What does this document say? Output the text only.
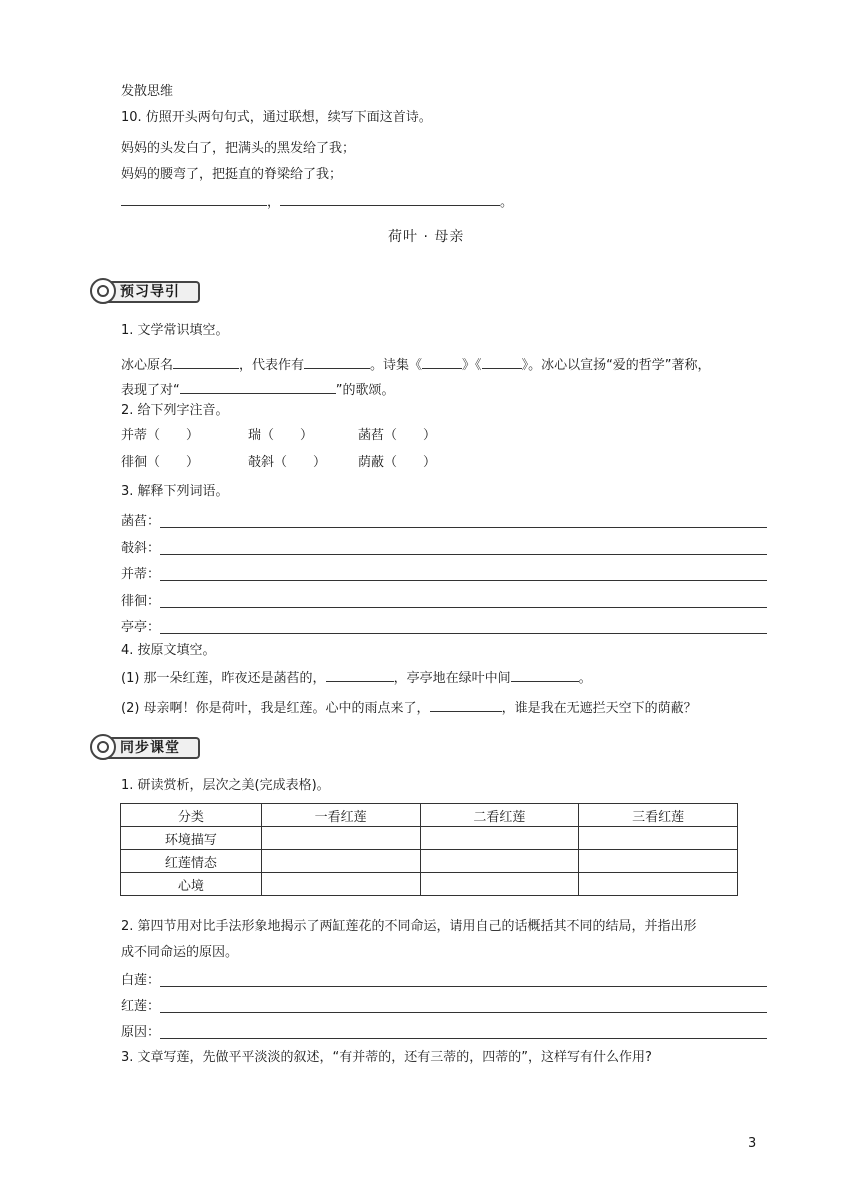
发散思维
10. 仿照开头两句句式，通过联想，续写下面这首诗。
妈妈的头发白了，把满头的黑发给了我；
妈妈的腰弯了，把挺直的脊梁给了我；
，	。
荷叶 · 母亲
预习导引
1. 文学常识填空。
冰心原名	，代表作有	。诗集《	》《	》。冰心以宣扬“爱的哲学”著称，
表现了对“	”的歌颂。
2. 给下列字注音。
并蒂（　　）	瑞（　　）	菡萏（　　）
徘徊（　　）	攲斜（　　） 荫蔽（　　）
3. 解释下列词语。
菡萏：
攲斜：
并蒂：
徘徊：
亭亭：
4. 按原文填空。
(1) 那一朵红莲，昨夜还是菡萏的，	，亭亭地在绿叶中间	。
(2) 母亲啊！你是荷叶，我是红莲。心中的雨点来了，	，谁是我在无遮拦天空下的荫蔽？
同步课堂
1. 研读赏析，层次之美(完成表格)。
分类	一看红莲	二看红莲	三看红莲
环境描写			
红莲情态			
心境			
2. 第四节用对比手法形象地揭示了两缸莲花的不同命运，请用自己的话概括其不同的结局，并指出形
成不同命运的原因。
白莲：
红莲：
原因：
3. 文章写莲，先做平平淡淡的叙述，“有并蒂的，还有三蒂的，四蒂的”，这样写有什么作用?
3
